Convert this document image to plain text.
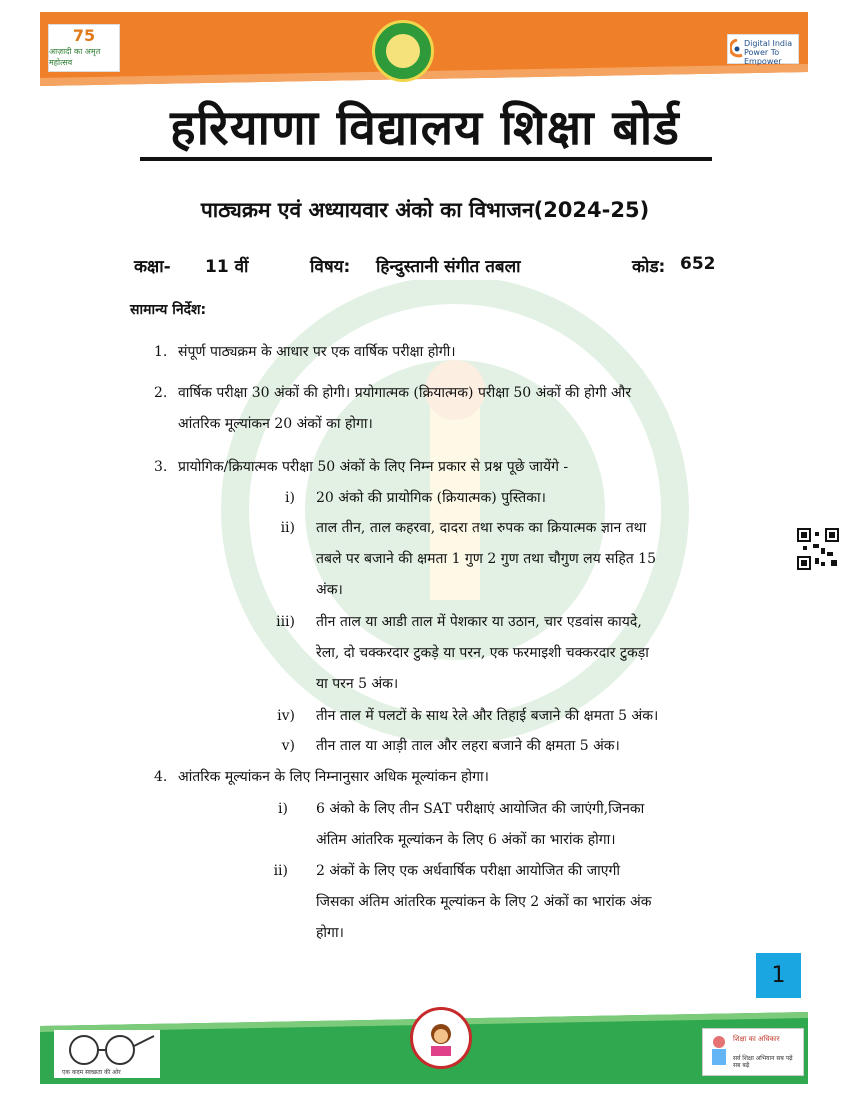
75
आज़ादी का अमृत महोत्सव
Digital India
Power To Empower
हरियाणा विद्यालय शिक्षा बोर्ड
पाठ्यक्रम एवं अध्यायवार अंको का विभाजन(2024-25)
कक्षा- 11 वीं	विषय: हिन्दुस्तानी संगीत तबला	कोड: 652
सामान्य निर्देश:
1. संपूर्ण पाठ्यक्रम के आधार पर एक वार्षिक परीक्षा होगी।
2. वार्षिक परीक्षा 30 अंकों की होगी। प्रयोगात्मक (क्रियात्मक) परीक्षा 50 अंकों की होगी और
आंतरिक मूल्यांकन 20 अंकों का होगा।
3. प्रायोगिक/क्रियात्मक परीक्षा 50 अंकों के लिए निम्न प्रकार से प्रश्न पूछे जायेंगे -
i) 20 अंको की प्रायोगिक (क्रियात्मक) पुस्तिका।
ii) ताल तीन, ताल कहरवा, दादरा तथा रुपक का क्रियात्मक ज्ञान तथा
तबले पर बजाने की क्षमता 1 गुण 2 गुण तथा चौगुण लय सहित 15
अंक।
iii) तीन ताल या आडी ताल में पेशकार या उठान, चार एडवांस कायदे,
रेला, दो चक्करदार टुकड़े या परन, एक फरमाइशी चक्करदार टुकड़ा
या परन 5 अंक।
iv) तीन ताल में पलटों के साथ रेले और तिहाई बजाने की क्षमता 5 अंक।
v) तीन ताल या आड़ी ताल और लहरा बजाने की क्षमता 5 अंक।
4. आंतरिक मूल्यांकन के लिए निम्नानुसार अधिक मूल्यांकन होगा।
i) 6 अंको के लिए तीन SAT परीक्षाएं आयोजित की जाएंगी,जिनका
अंतिम आंतरिक मूल्यांकन के लिए 6 अंकों का भारांक होगा।
ii) 2 अंकों के लिए एक अर्धवार्षिक परीक्षा आयोजित की जाएगी
जिसका अंतिम आंतरिक मूल्यांकन के लिए 2 अंकों का भारांक अंक
होगा।
1
एक कदम स्वच्छता की ओर
शिक्षा का अधिकार
सर्व शिक्षा अभियान सब पढ़ें सब बढ़ें
